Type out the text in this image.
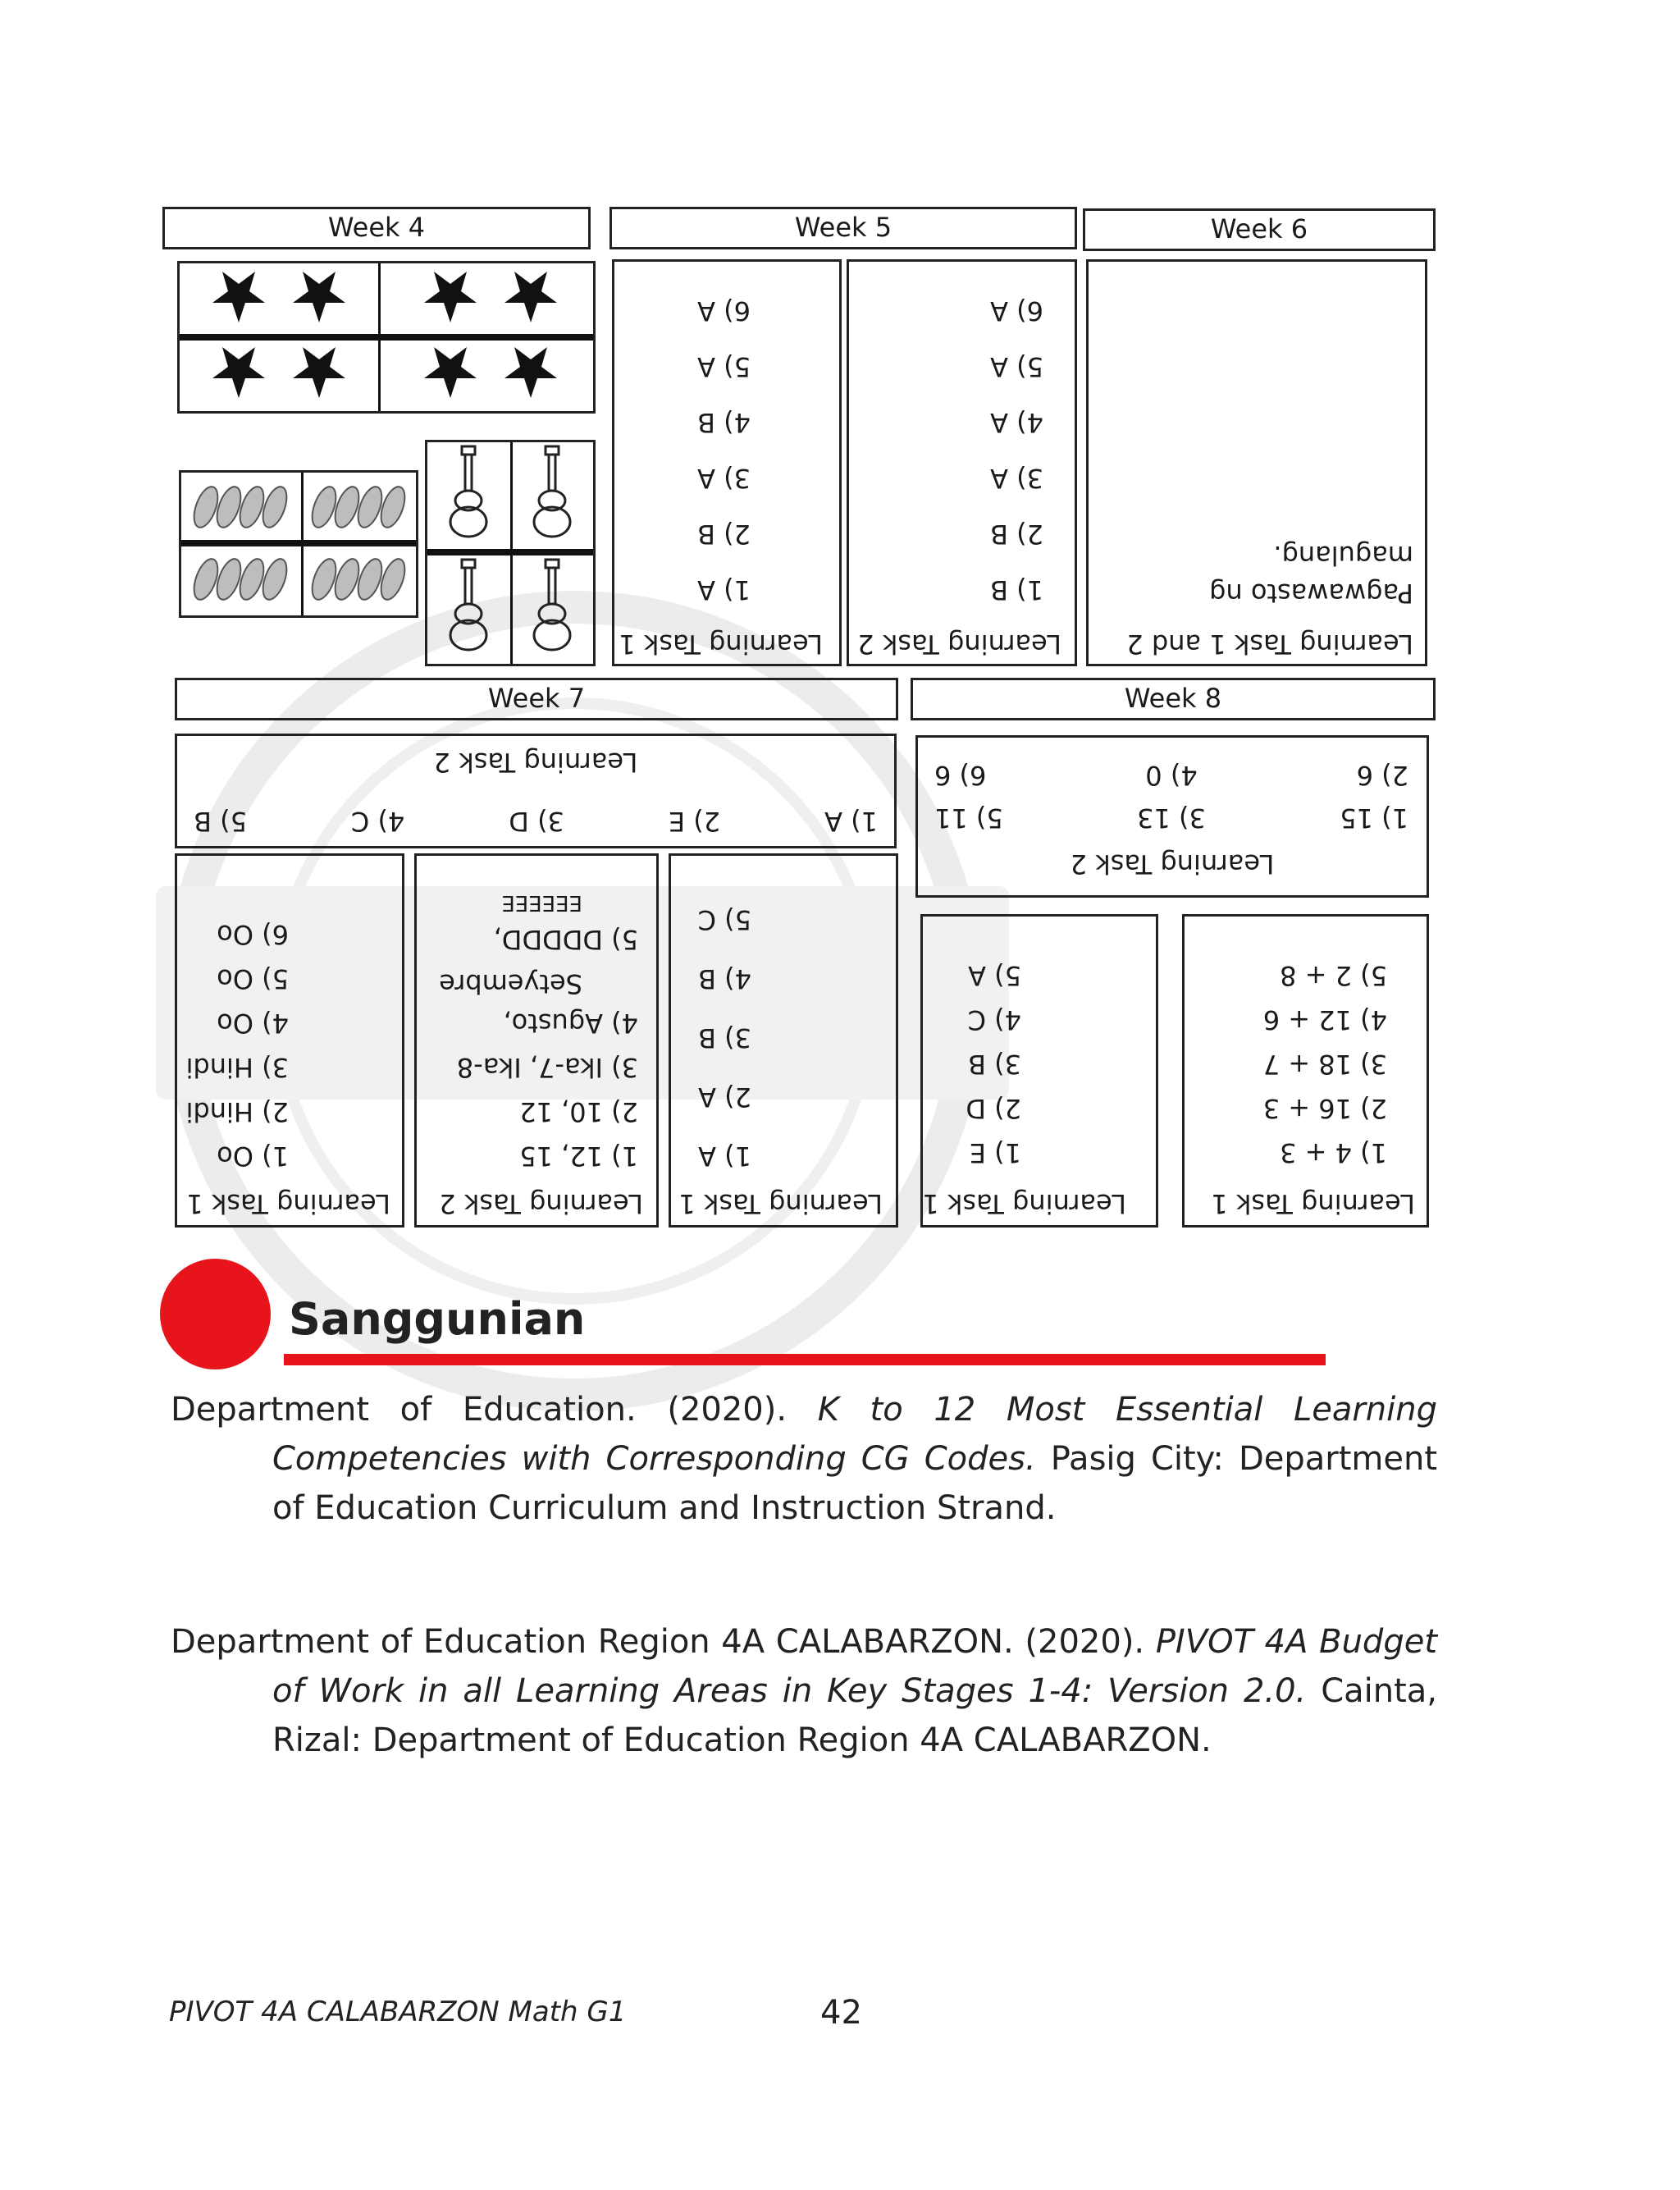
Week 4	Week 5	Week 6
Learning Task 1
1) A
2) B
3) A
4) B
5) A
6) A
Learning Task 2
1) B
2) B
3) A
4) A
5) A
6) A
Learning Task 1 and 2
Pagwawasto ng
magulang.
Week 7	Week 8
1) A
2) E
3) D
4) C
5) B
Learning Task 2
Learning Task 2
1) 15
3) 13
5) 11
2) 6
4) 0
6) 6
Learning Task 1
1) Oo
2) Hindi
3) Hindi
4) Oo
5) Oo
6) Oo
Learning Task 2
1) 12, 15
2) 10, 12
3) Ika-7, Ika-8
4) Agusto,
Setyembre
5) DDDDD,
EEEEEE
Learning Task 1
1) A
2) A
3) B
4) B
5) C
Learning Task 1
1) E
2) D
3) B
4) C
5) A
Learning Task 1
1) 4 + 3
2) 16 + 3
3) 18 + 7
4) 12 + 6
5) 2 + 8
Sanggunian

Department of Education. (2020). K to 12 Most Essential Learning Competencies with Corresponding CG Codes. Pasig City: Department of Education Curriculum and Instruction Strand.

Department of Education Region 4A CALABARZON. (2020). PIVOT 4A Budget of Work in all Learning Areas in Key Stages 1-4: Version 2.0. Cainta, Rizal: Department of Education Region 4A CALABARZON.

PIVOT 4A CALABARZON Math G1	42
